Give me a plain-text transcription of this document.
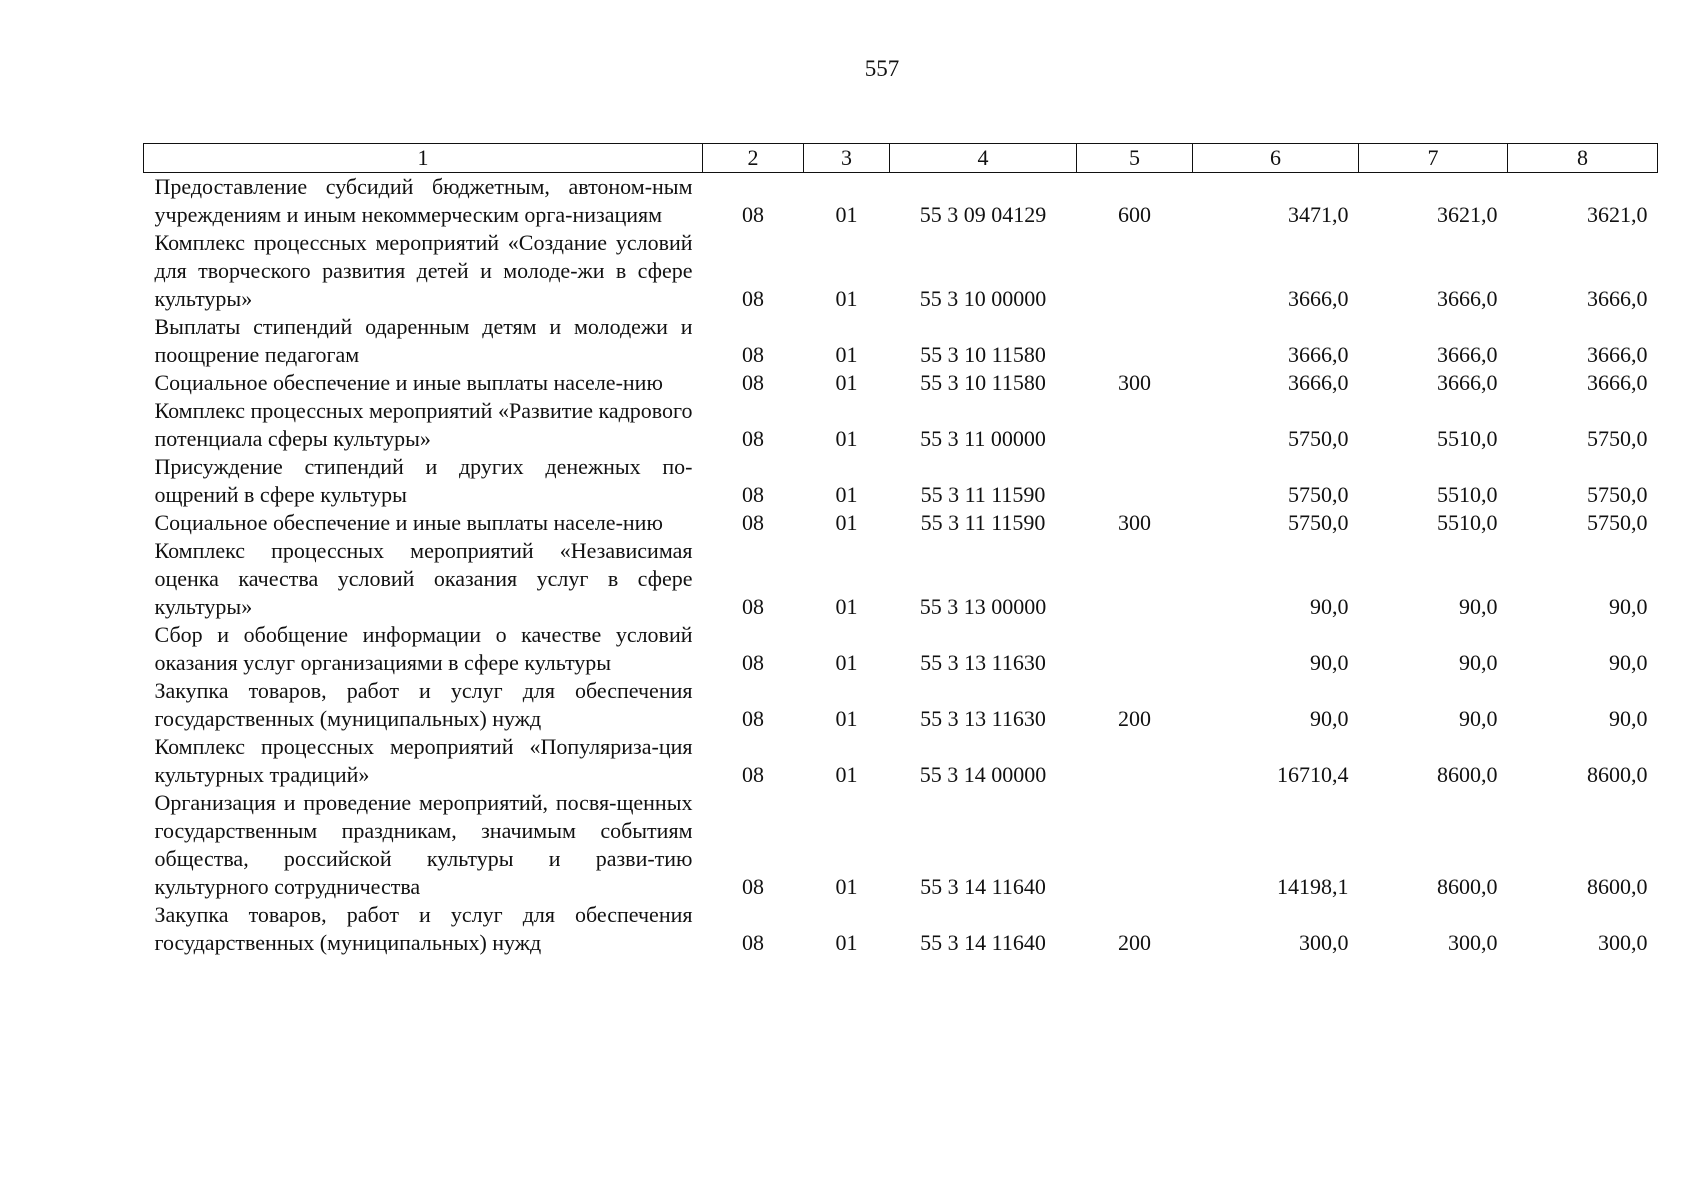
557
1	2	3	4	5	6	7	8
Предоставление субсидий бюджетным, автоном-ным учреждениям и иным некоммерческим орга-низациям	08	01	55 3 09 04129	600	3471,0	3621,0	3621,0
Комплекс процессных мероприятий «Создание условий для творческого развития детей и молоде-жи в сфере культуры»	08	01	55 3 10 00000		3666,0	3666,0	3666,0
Выплаты стипендий одаренным детям и молодежи и поощрение педагогам	08	01	55 3 10 11580		3666,0	3666,0	3666,0
Социальное обеспечение и иные выплаты населе-нию	08	01	55 3 10 11580	300	3666,0	3666,0	3666,0
Комплекс процессных мероприятий «Развитие кадрового потенциала сферы культуры»	08	01	55 3 11 00000		5750,0	5510,0	5750,0
Присуждение стипендий и других денежных по-ощрений в сфере культуры	08	01	55 3 11 11590		5750,0	5510,0	5750,0
Социальное обеспечение и иные выплаты населе-нию	08	01	55 3 11 11590	300	5750,0	5510,0	5750,0
Комплекс процессных мероприятий «Независимая оценка качества условий оказания услуг в сфере культуры»	08	01	55 3 13 00000		90,0	90,0	90,0
Сбор и обобщение информации о качестве условий оказания услуг организациями в сфере культуры	08	01	55 3 13 11630		90,0	90,0	90,0
Закупка товаров, работ и услуг для обеспечения государственных (муниципальных) нужд	08	01	55 3 13 11630	200	90,0	90,0	90,0
Комплекс процессных мероприятий «Популяриза-ция культурных традиций»	08	01	55 3 14 00000		16710,4	8600,0	8600,0
Организация и проведение мероприятий, посвя-щенных государственным праздникам, значимым событиям общества, российской культуры и разви-тию культурного сотрудничества	08	01	55 3 14 11640		14198,1	8600,0	8600,0
Закупка товаров, работ и услуг для обеспечения государственных (муниципальных) нужд	08	01	55 3 14 11640	200	300,0	300,0	300,0
